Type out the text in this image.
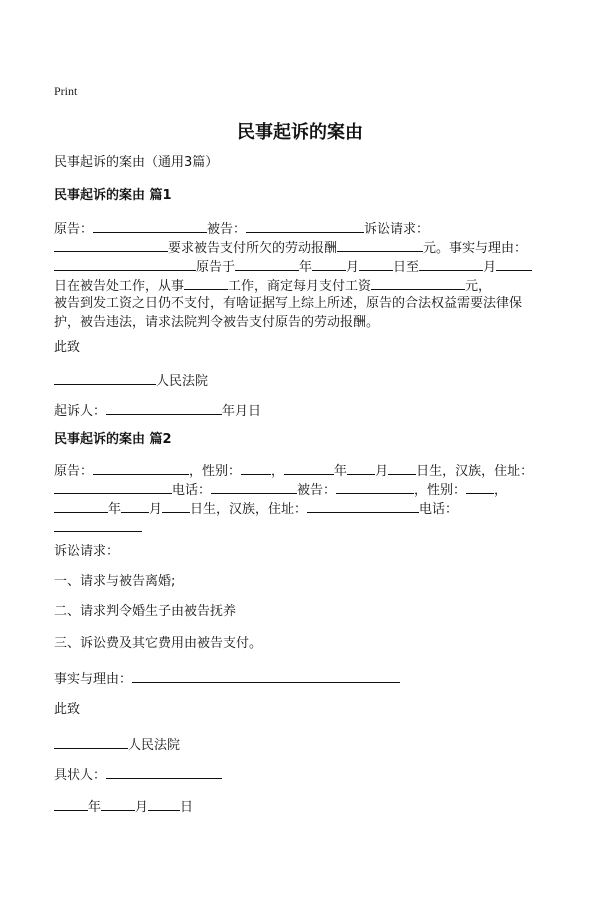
Print
民事起诉的案由
民事起诉的案由（通用3篇）
民事起诉的案由 篇1
原告：	被告：	诉讼请求：
要求被告支付所欠的劳动报酬	元。事实与理由：
原告于	年	月	日至	月
日在被告处工作，从事	工作，商定每月支付工资	元，
被告到发工资之日仍不支付，有啥证据写上综上所述，原告的合法权益需要法律保
护，被告违法，请求法院判令被告支付原告的劳动报酬。
此致
人民法院
起诉人：	年月日
民事起诉的案由 篇2
原告：	，性别： ，	年 月 日生，汉族，住址：
电话：	被告：	，性别： ，
年 月 日生，汉族，住址：	电话：
诉讼请求：
一、请求与被告离婚;
二、请求判令婚生子由被告抚养
三、诉讼费及其它费用由被告支付。
事实与理由：
此致
人民法院
具状人：
年	月 日
